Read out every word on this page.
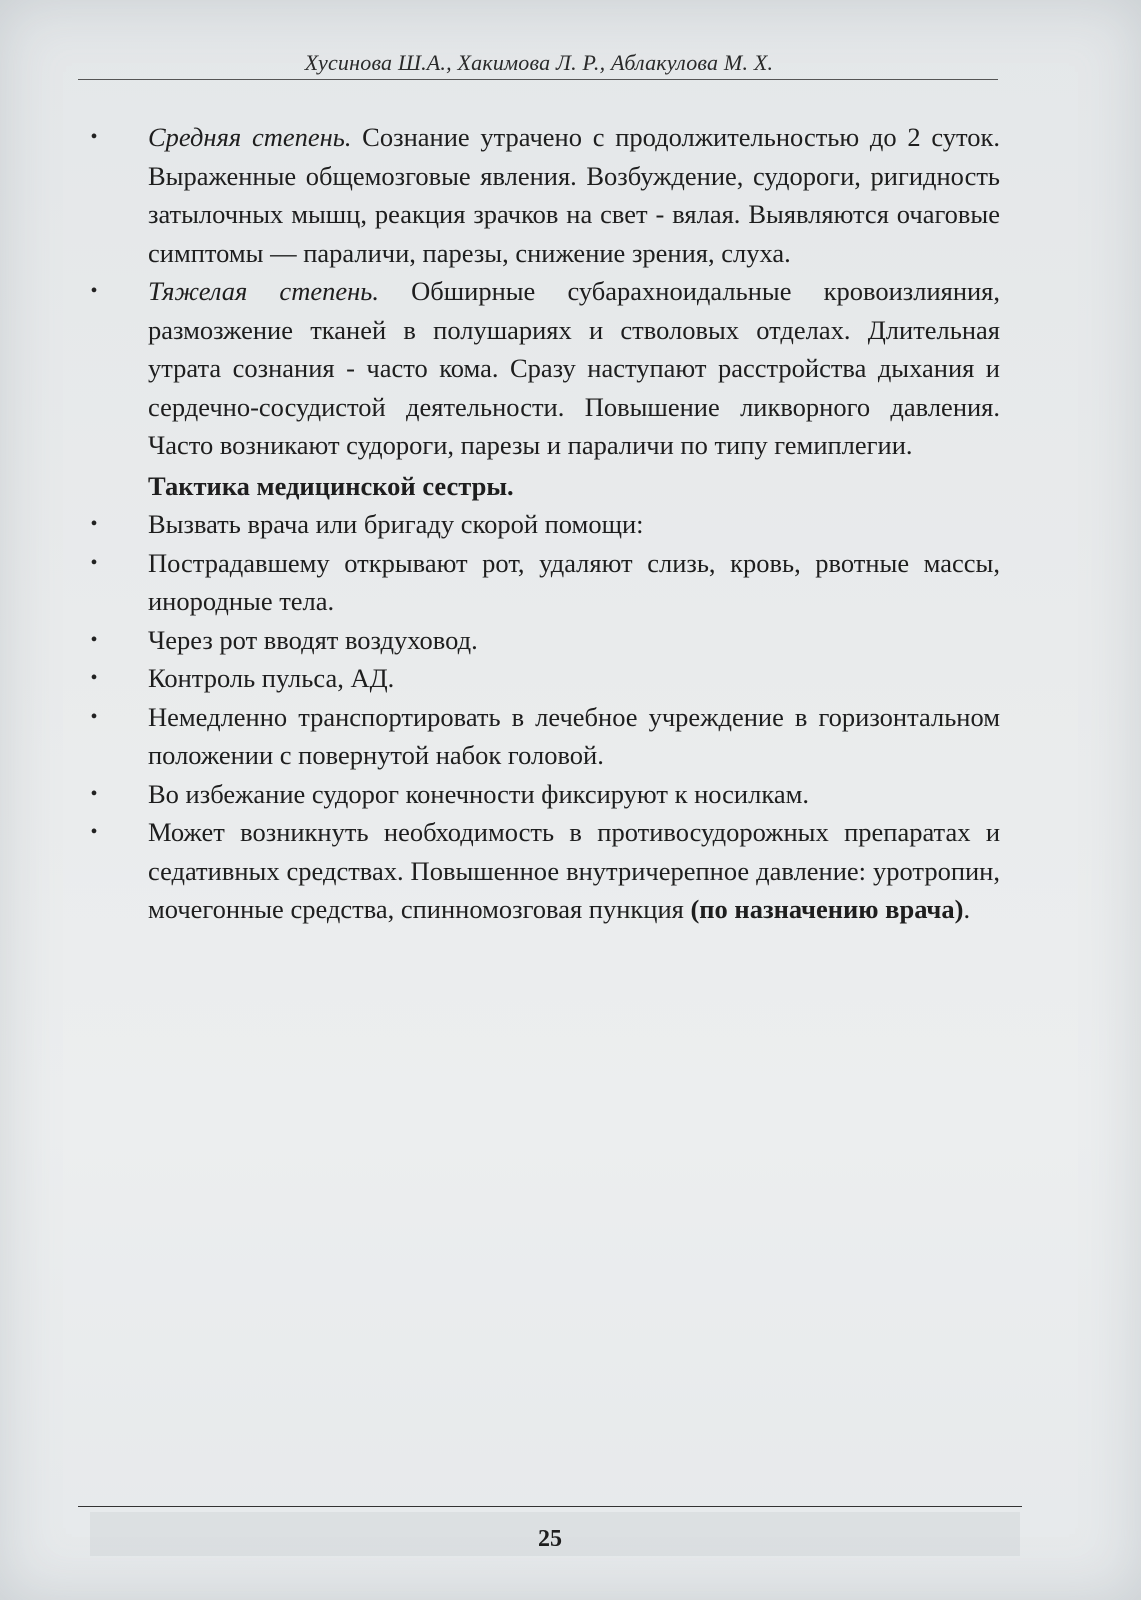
Хусинова Ш.А., Хакимова Л. Р., Аблакулова М. Х.
• Средняя степень. Сознание утрачено с продолжительностью до 2 суток. Выраженные общемозговые явления. Возбуждение, судороги, ригидность затылочных мышц, реакция зрачков на свет - вялая. Выявляются очаговые симптомы — параличи, парезы, снижение зрения, слуха.
• Тяжелая степень. Обширные субарахноидальные кровоизлияния, размозжение тканей в полушариях и стволовых отделах. Длительная утрата сознания - часто кома. Сразу наступают расстройства дыхания и сердечно-сосудистой деятельности. Повышение ликворного давления. Часто возникают судороги, парезы и параличи по типу гемиплегии.
Тактика медицинской сестры.
• Вызвать врача или бригаду скорой помощи:
• Пострадавшему открывают рот, удаляют слизь, кровь, рвотные массы, инородные тела.
• Через рот вводят воздуховод.
• Контроль пульса, АД.
• Немедленно транспортировать в лечебное учреждение в горизонтальном положении с повернутой набок головой.
• Во избежание судорог конечности фиксируют к носилкам.
• Может возникнуть необходимость в противосудорожных препаратах и седативных средствах. Повышенное внутричерепное давление: уротропин, мочегонные средства, спинномозговая пункция (по назначению врача).
25
